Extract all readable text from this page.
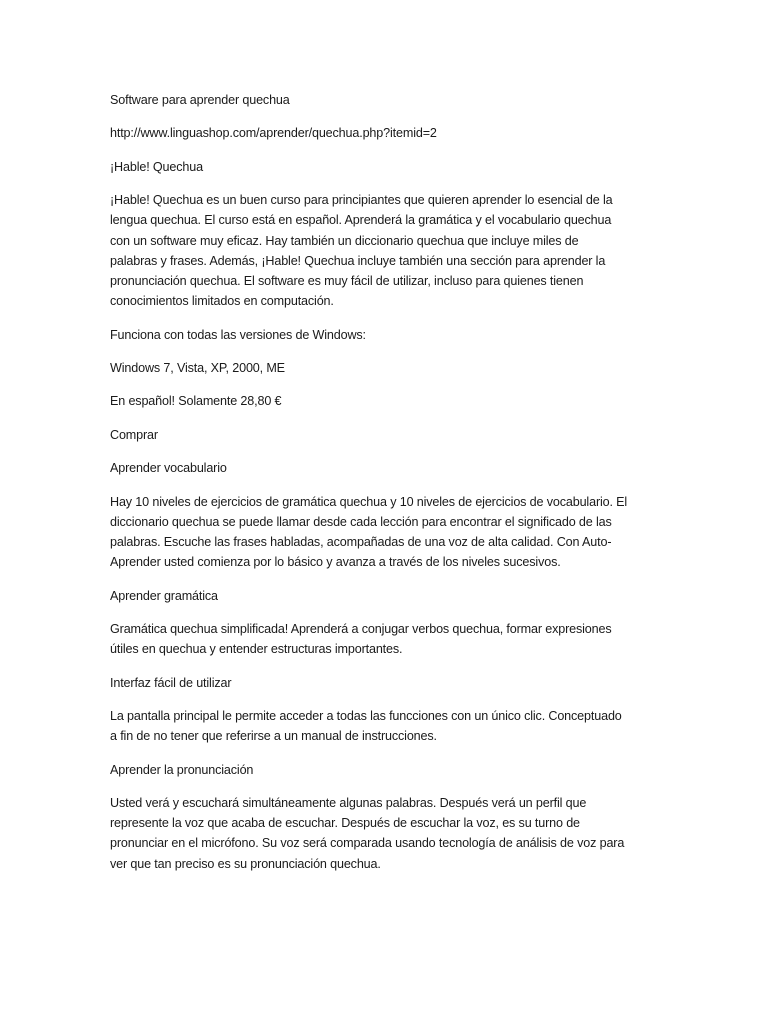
Software para aprender quechua

http://www.linguashop.com/aprender/quechua.php?itemid=2

¡Hable! Quechua

¡Hable! Quechua es un buen curso para principiantes que quieren aprender lo esencial de la
lengua quechua. El curso está en español. Aprenderá la gramática y el vocabulario quechua
con un software muy eficaz. Hay también un diccionario quechua que incluye miles de
palabras y frases. Además, ¡Hable! Quechua incluye también una sección para aprender la
pronunciación quechua. El software es muy fácil de utilizar, incluso para quienes tienen
conocimientos limitados en computación.

Funciona con todas las versiones de Windows:

Windows 7, Vista, XP, 2000, ME

En español! Solamente 28,80 €

Comprar

Aprender vocabulario

Hay 10 niveles de ejercicios de gramática quechua y 10 niveles de ejercicios de vocabulario. El
diccionario quechua se puede llamar desde cada lección para encontrar el significado de las
palabras. Escuche las frases habladas, acompañadas de una voz de alta calidad. Con Auto-
Aprender usted comienza por lo básico y avanza a través de los niveles sucesivos.

Aprender gramática

Gramática quechua simplificada! Aprenderá a conjugar verbos quechua, formar expresiones
útiles en quechua y entender estructuras importantes.

Interfaz fácil de utilizar

La pantalla principal le permite acceder a todas las funcciones con un único clic. Conceptuado
a fin de no tener que referirse a un manual de instrucciones.

Aprender la pronunciación

Usted verá y escuchará simultáneamente algunas palabras. Después verá un perfil que
represente la voz que acaba de escuchar. Después de escuchar la voz, es su turno de
pronunciar en el micrófono. Su voz será comparada usando tecnología de análisis de voz para
ver que tan preciso es su pronunciación quechua.
